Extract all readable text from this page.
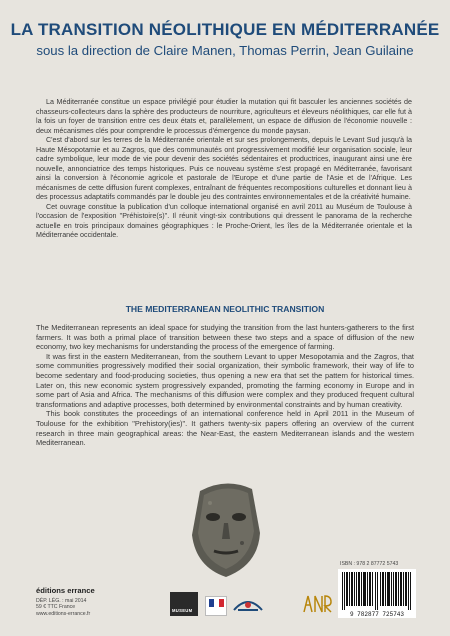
LA TRANSITION NÉOLITHIQUE EN MÉDITERRANÉE
sous la direction de Claire Manen, Thomas Perrin, Jean Guilaine

La Méditerranée constitue un espace privilégié pour étudier la mutation qui fit basculer les anciennes sociétés de chasseurs-collecteurs dans la sphère des producteurs de nourriture, agriculteurs et éleveurs néolithiques, car elle fut à la fois un foyer de transition entre ces deux états et, parallèlement, un espace de diffusion de l'économie nouvelle : deux mécanismes clés pour comprendre le processus d'émergence du monde paysan.

C'est d'abord sur les terres de la Méditerranée orientale et sur ses prolongements, depuis le Levant Sud jusqu'à la Haute Mésopotamie et au Zagros, que des communautés ont progressivement modifié leur organisation sociale, leur cadre symbolique, leur mode de vie pour devenir des sociétés sédentaires et productrices, inaugurant ainsi une ère nouvelle, annonciatrice des temps historiques. Puis ce nouveau système s'est propagé en Méditerranée, favorisant ainsi la conversion à l'économie agricole et pastorale de l'Europe et d'une partie de l'Asie et de l'Afrique. Les mécanismes de cette diffusion furent complexes, entraînant de fréquentes recompositions culturelles et donnant lieu à des processus adaptatifs commandés par le double jeu des contraintes environnementales et de la créativité humaine.

Cet ouvrage constitue la publication d'un colloque international organisé en avril 2011 au Muséum de Toulouse à l'occasion de l'exposition "Préhistoire(s)". Il réunit vingt-six contributions qui dressent le panorama de la recherche actuelle en trois principaux domaines géographiques : le Proche-Orient, les îles de la Méditerranée orientale et la Méditerranée occidentale.

THE MEDITERRANEAN NEOLITHIC TRANSITION

The Mediterranean represents an ideal space for studying the transition from the last hunters-gatherers to the first farmers. It was both a primal place of transition between these two steps and a space of diffusion of the new economy, two key mechanisms for understanding the process of the emergence of farming.

It was first in the eastern Mediterranean, from the southern Levant to upper Mesopotamia and the Zagros, that some communities progressively modified their social organization, their symbolic framework, their way of life to become sedentary and food-producing societies, thus opening a new era that set the pattern for historical times. Later on, this new economic system progressively expanded, promoting the farming economy in Europe and in some part of Asia and Africa. The mechanisms of this diffusion were complex and they produced frequent cultural transformations and adaptive processes, both determined by environmental constraints and by human creativity.

This book constitutes the proceedings of an international conference held in April 2011 in the Museum of Toulouse for the exhibition "Prehistory(ies)". It gathers twenty-six papers offering an overview of the current research in three main geographical areas: the Near-East, the eastern Mediterranean islands and the western Mediterranean.

éditions errance
DÉP. LÉG. : mai 2014
59 € TTC France
www.editions-errance.fr
MUSEUM
ISBN : 978 2 87772 5743
9 782877 725743
